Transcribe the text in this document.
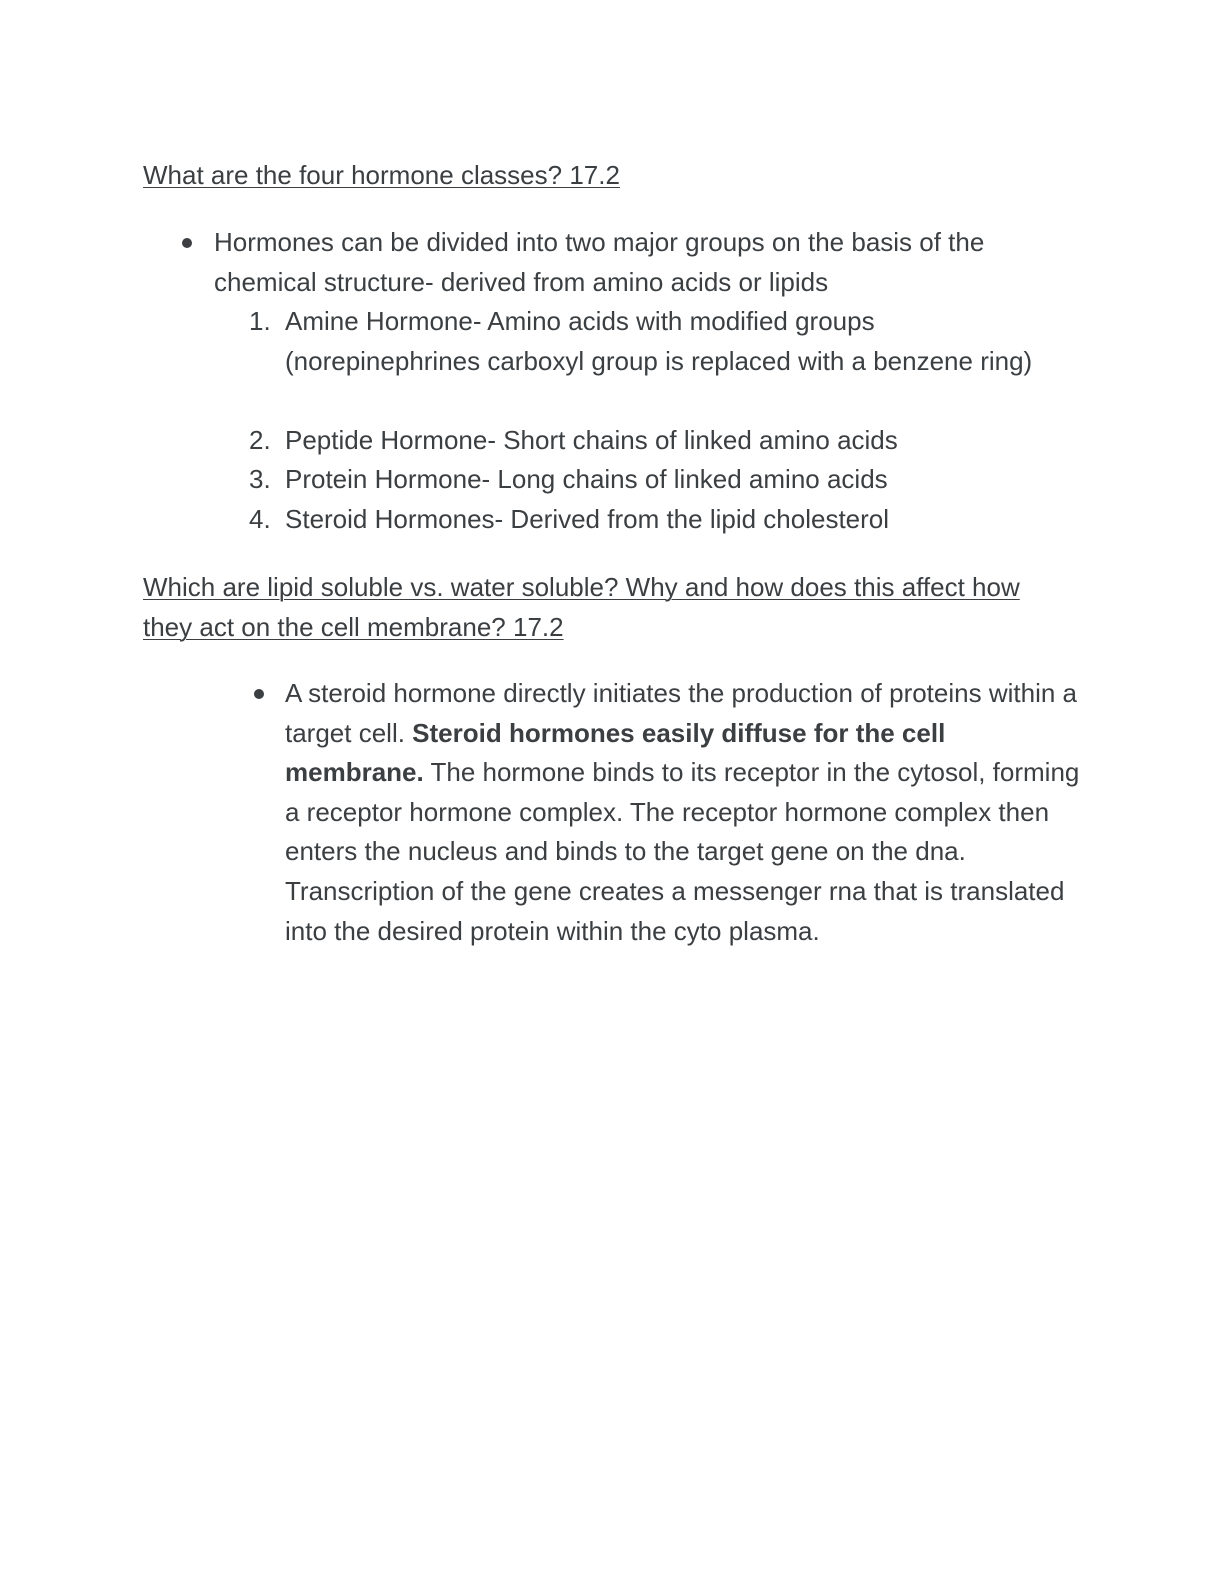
What are the four hormone classes? 17.2

Hormones can be divided into two major groups on the basis of the chemical structure- derived from amino acids or lipids

1. Amine Hormone- Amino acids with modified groups (norepinephrines carboxyl group is replaced with a benzene ring)

2. Peptide Hormone- Short chains of linked amino acids

3. Protein Hormone- Long chains of linked amino acids

4. Steroid Hormones- Derived from the lipid cholesterol

Which are lipid soluble vs. water soluble? Why and how does this affect how they act on the cell membrane? 17.2

A steroid hormone directly initiates the production of proteins within a target cell. Steroid hormones easily diffuse for the cell membrane. The hormone binds to its receptor in the cytosol, forming a receptor hormone complex. The receptor hormone complex then enters the nucleus and binds to the target gene on the dna. Transcription of the gene creates a messenger rna that is translated into the desired protein within the cyto plasma.
